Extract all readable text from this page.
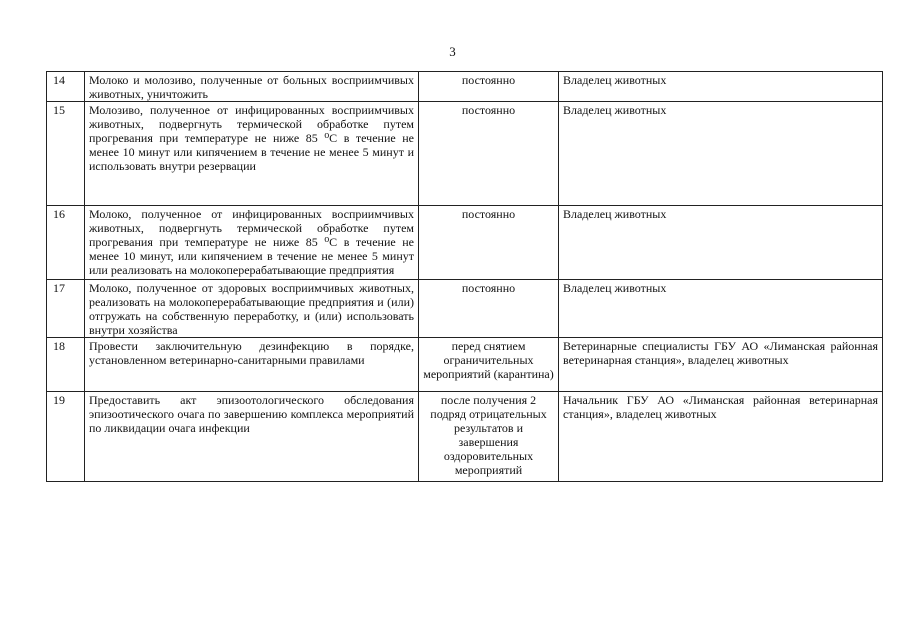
3
14	Молоко и молозиво, полученные от больных восприимчивых животных, уничтожить	постоянно	Владелец животных
15	Молозиво, полученное от инфицированных восприимчивых животных, подвергнуть термической обработке путем прогревания при температуре не ниже 85 ⁰С в течение не менее 10 минут или кипячением в течение не менее 5 минут и использовать внутри резервации	постоянно	Владелец животных
16	Молоко, полученное от инфицированных восприимчивых животных, подвергнуть термической обработке путем прогревания при температуре не ниже 85 ⁰С в течение не менее 10 минут, или кипячением в течение не менее 5 минут или реализовать на молокоперерабатывающие предприятия	постоянно	Владелец животных
17	Молоко, полученное от здоровых восприимчивых животных, реализовать на молокоперерабатывающие предприятия и (или) отгружать на собственную переработку, и (или) использовать внутри хозяйства	постоянно	Владелец животных
18	Провести заключительную дезинфекцию в порядке, установленном ветеринарно-санитарными правилами	перед снятием ограничительных мероприятий (карантина)	Ветеринарные специалисты ГБУ АО «Лиманская районная ветеринарная станция», владелец животных
19	Предоставить акт эпизоотологического обследования эпизоотического очага по завершению комплекса мероприятий по ликвидации очага инфекции	после получения 2 подряд отрицательных результатов и завершения оздоровительных мероприятий	Начальник ГБУ АО «Лиманская районная ветеринарная станция», владелец животных
